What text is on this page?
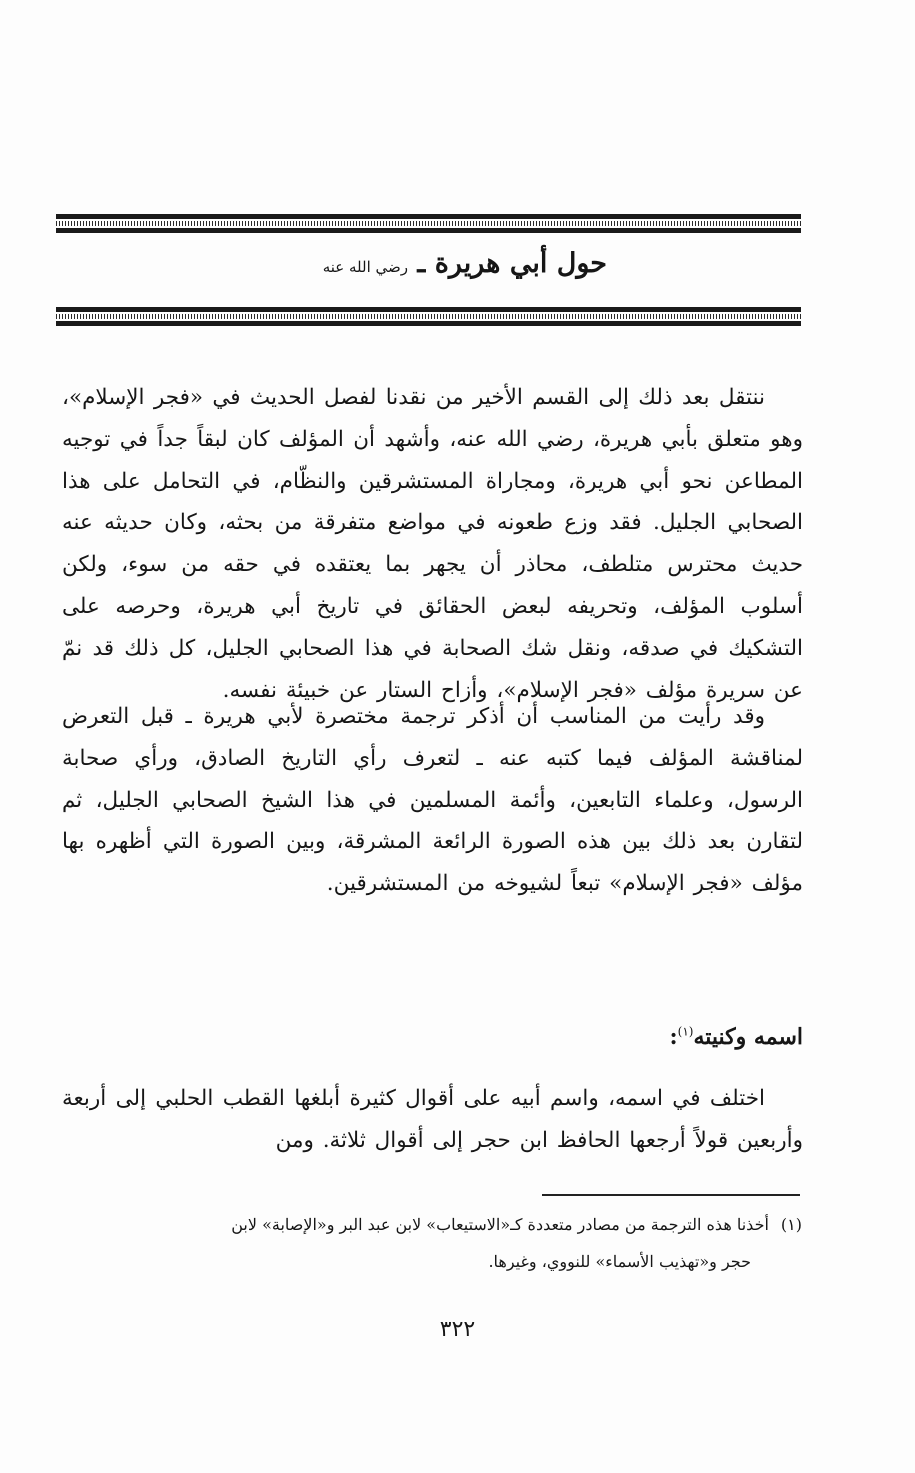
حول أبي هريرة ـ رضي الله عنه

ننتقل بعد ذلك إلى القسم الأخير من نقدنا لفصل الحديث في «فجر الإسلام»، وهو متعلق بأبي هريرة، رضي الله عنه، وأشهد أن المؤلف كان لبقاً جداً في توجيه المطاعن نحو أبي هريرة، ومجاراة المستشرقين والنظّام، في التحامل على هذا الصحابي الجليل. فقد وزع طعونه في مواضع متفرقة من بحثه، وكان حديثه عنه حديث محترس متلطف، محاذر أن يجهر بما يعتقده في حقه من سوء، ولكن أسلوب المؤلف، وتحريفه لبعض الحقائق في تاريخ أبي هريرة، وحرصه على التشكيك في صدقه، ونقل شك الصحابة في هذا الصحابي الجليل، كل ذلك قد نمّ عن سريرة مؤلف «فجر الإسلام»، وأزاح الستار عن خبيئة نفسه.

وقد رأيت من المناسب أن أذكر ترجمة مختصرة لأبي هريرة ـ قبل التعرض لمناقشة المؤلف فيما كتبه عنه ـ لتعرف رأي التاريخ الصادق، ورأي صحابة الرسول، وعلماء التابعين، وأئمة المسلمين في هذا الشيخ الصحابي الجليل، ثم لتقارن بعد ذلك بين هذه الصورة الرائعة المشرقة، وبين الصورة التي أظهره بها مؤلف «فجر الإسلام» تبعاً لشيوخه من المستشرقين.

اسمه وكنيته$^{(١)}$:

اختلف في اسمه، واسم أبيه على أقوال كثيرة أبلغها القطب الحلبي إلى أربعة وأربعين قولاً أرجعها الحافظ ابن حجر إلى أقوال ثلاثة. ومن

(١)أخذنا هذه الترجمة من مصادر متعددة كـ«الاستيعاب» لابن عبد البر و«الإصابة» لابن
حجر و«تهذيب الأسماء» للنووي، وغيرها.
٣٢٢
